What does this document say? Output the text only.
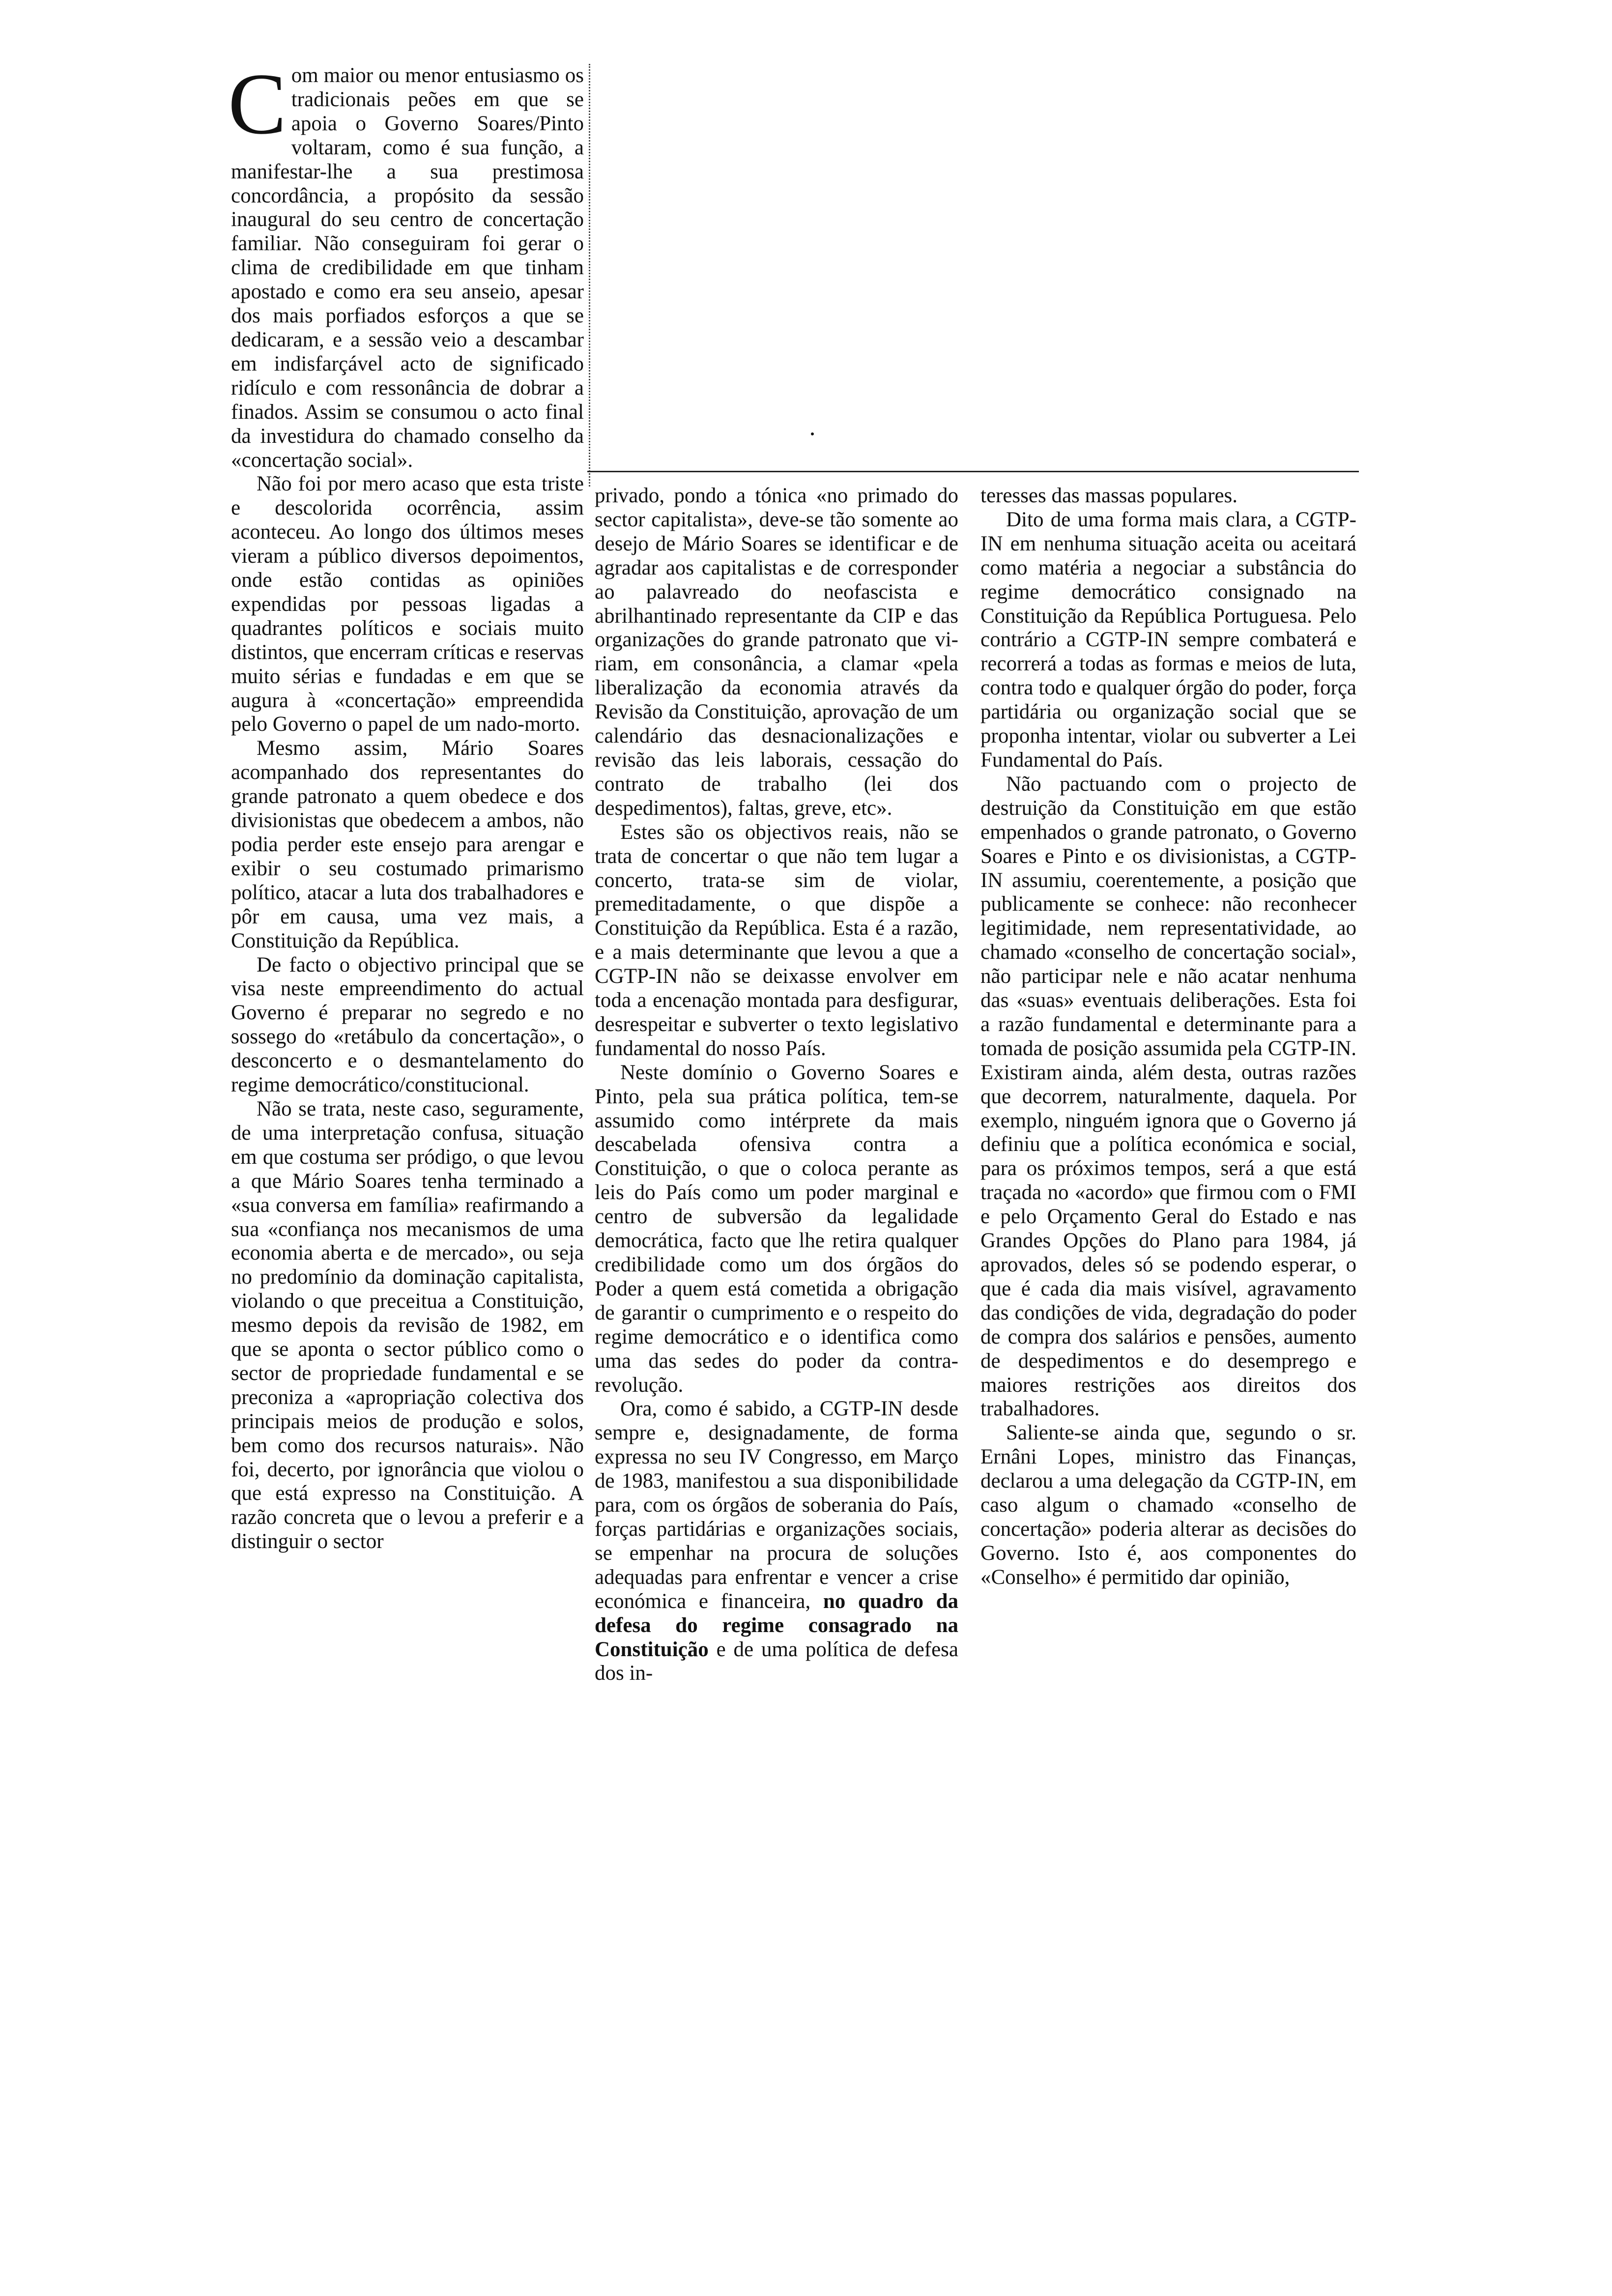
Com maior ou menor entusiasmo os tradicionais peões em que se apoia o Governo Soares/Pinto voltaram, como é sua função, a manifestar-lhe a sua prestimosa concordância, a propósito da sessão inaugural do seu centro de concertação familiar. Não conseguiram foi gerar o clima de credibilidade em que tinham apostado e como era seu anseio, apesar dos mais porfiados esforços a que se dedicaram, e a sessão veio a descambar em indisfarçável acto de significado ridículo e com ressonância de dobrar a finados. Assim se consumou o acto final da investidura do chamado conselho da «concertação social».

Não foi por mero acaso que esta triste e descolorida ocorrência, assim aconteceu. Ao longo dos últimos meses vieram a público diversos depoimentos, onde estão contidas as opiniões expendidas por pessoas ligadas a quadrantes políticos e sociais muito distintos, que encerram críticas e reservas muito sérias e fundadas e em que se augura à «concertação» empreendida pelo Governo o papel de um nado-morto.

Mesmo assim, Mário Soares acompanhado dos representantes do grande patronato a quem obedece e dos divisionistas que obedecem a ambos, não podia perder este ensejo para arengar e exibir o seu costumado primarismo político, atacar a luta dos trabalhadores e pôr em causa, uma vez mais, a Constituição da República.

De facto o objectivo principal que se visa neste empreendimento do actual Governo é preparar no segredo e no sossego do «retábulo da concertação», o desconcerto e o desmantelamento do regime democrático/constitucional.

Não se trata, neste caso, seguramente, de uma interpretação confusa, situação em que costuma ser pródigo, o que levou a que Mário Soares tenha terminado a «sua conversa em família» reafirmando a sua «confiança nos mecanismos de uma economia aberta e de mercado», ou seja no predomínio da dominação capitalista, violando o que preceitua a Constituição, mesmo depois da revisão de 1982, em que se aponta o sector público como o sector de propriedade fundamental e se preconiza a «apropriação colectiva dos principais meios de produção e solos, bem como dos recursos naturais». Não foi, decerto, por ignorância que violou o que está expresso na Constituição. A razão concreta que o levou a preferir e a distinguir o sector

privado, pondo a tónica «no primado do sector capitalista», deve-se tão somente ao desejo de Mário Soares se identificar e de agradar aos capitalistas e de corresponder ao palavreado do neofascista e abrilhantinado representante da CIP e das organizações do grande patronato que viriam, em consonância, a clamar «pela liberalização da economia através da Revisão da Constituição, aprovação de um calendário das desnacionalizações e revisão das leis laborais, cessação do contrato de trabalho (lei dos despedimentos), faltas, greve, etc».

Estes são os objectivos reais, não se trata de concertar o que não tem lugar a concerto, trata-se sim de violar, premeditadamente, o que dispõe a Constituição da República. Esta é a razão, e a mais determinante que levou a que a CGTP-IN não se deixasse envolver em toda a encenação montada para desfigurar, desrespeitar e subverter o texto legislativo fundamental do nosso País.

Neste domínio o Governo Soares e Pinto, pela sua prática política, tem-se assumido como intérprete da mais descabelada ofensiva contra a Constituição, o que o coloca perante as leis do País como um poder marginal e centro de subversão da legalidade democrática, facto que lhe retira qualquer credibilidade como um dos órgãos do Poder a quem está cometida a obrigação de garantir o cumprimento e o respeito do regime democrático e o identifica como uma das sedes do poder da contra-revolução.

Ora, como é sabido, a CGTP-IN desde sempre e, designadamente, de forma expressa no seu IV Congresso, em Março de 1983, manifestou a sua disponibilidade para, com os órgãos de soberania do País, forças partidárias e organizações sociais, se empenhar na procura de soluções adequadas para enfrentar e vencer a crise económica e financeira, no quadro da defesa do regime consagrado na Constituição e de uma política de defesa dos in-

teresses das massas populares.

Dito de uma forma mais clara, a CGTP-IN em nenhuma situação aceita ou aceitará como matéria a negociar a substância do regime democrático consignado na Constituição da República Portuguesa. Pelo contrário a CGTP-IN sempre combaterá e recorrerá a todas as formas e meios de luta, contra todo e qualquer órgão do poder, força partidária ou organização social que se proponha intentar, violar ou subverter a Lei Fundamental do País.

Não pactuando com o projecto de destruição da Constituição em que estão empenhados o grande patronato, o Governo Soares e Pinto e os divisionistas, a CGTP-IN assumiu, coerentemente, a posição que publicamente se conhece: não reconhecer legitimidade, nem representatividade, ao chamado «conselho de concertação social», não participar nele e não acatar nenhuma das «suas» eventuais deliberações. Esta foi a razão fundamental e determinante para a tomada de posição assumida pela CGTP-IN. Existiram ainda, além desta, outras razões que decorrem, naturalmente, daquela. Por exemplo, ninguém ignora que o Governo já definiu que a política económica e social, para os próximos tempos, será a que está traçada no «acordo» que firmou com o FMI e pelo Orçamento Geral do Estado e nas Grandes Opções do Plano para 1984, já aprovados, deles só se podendo esperar, o que é cada dia mais visível, agravamento das condições de vida, degradação do poder de compra dos salários e pensões, aumento de despedimentos e do desemprego e maiores restrições aos direitos dos trabalhadores.

Saliente-se ainda que, segundo o sr. Ernâni Lopes, ministro das Finanças, declarou a uma delegação da CGTP-IN, em caso algum o chamado «conselho de concertação» poderia alterar as decisões do Governo. Isto é, aos componentes do «Conselho» é permitido dar opinião,
